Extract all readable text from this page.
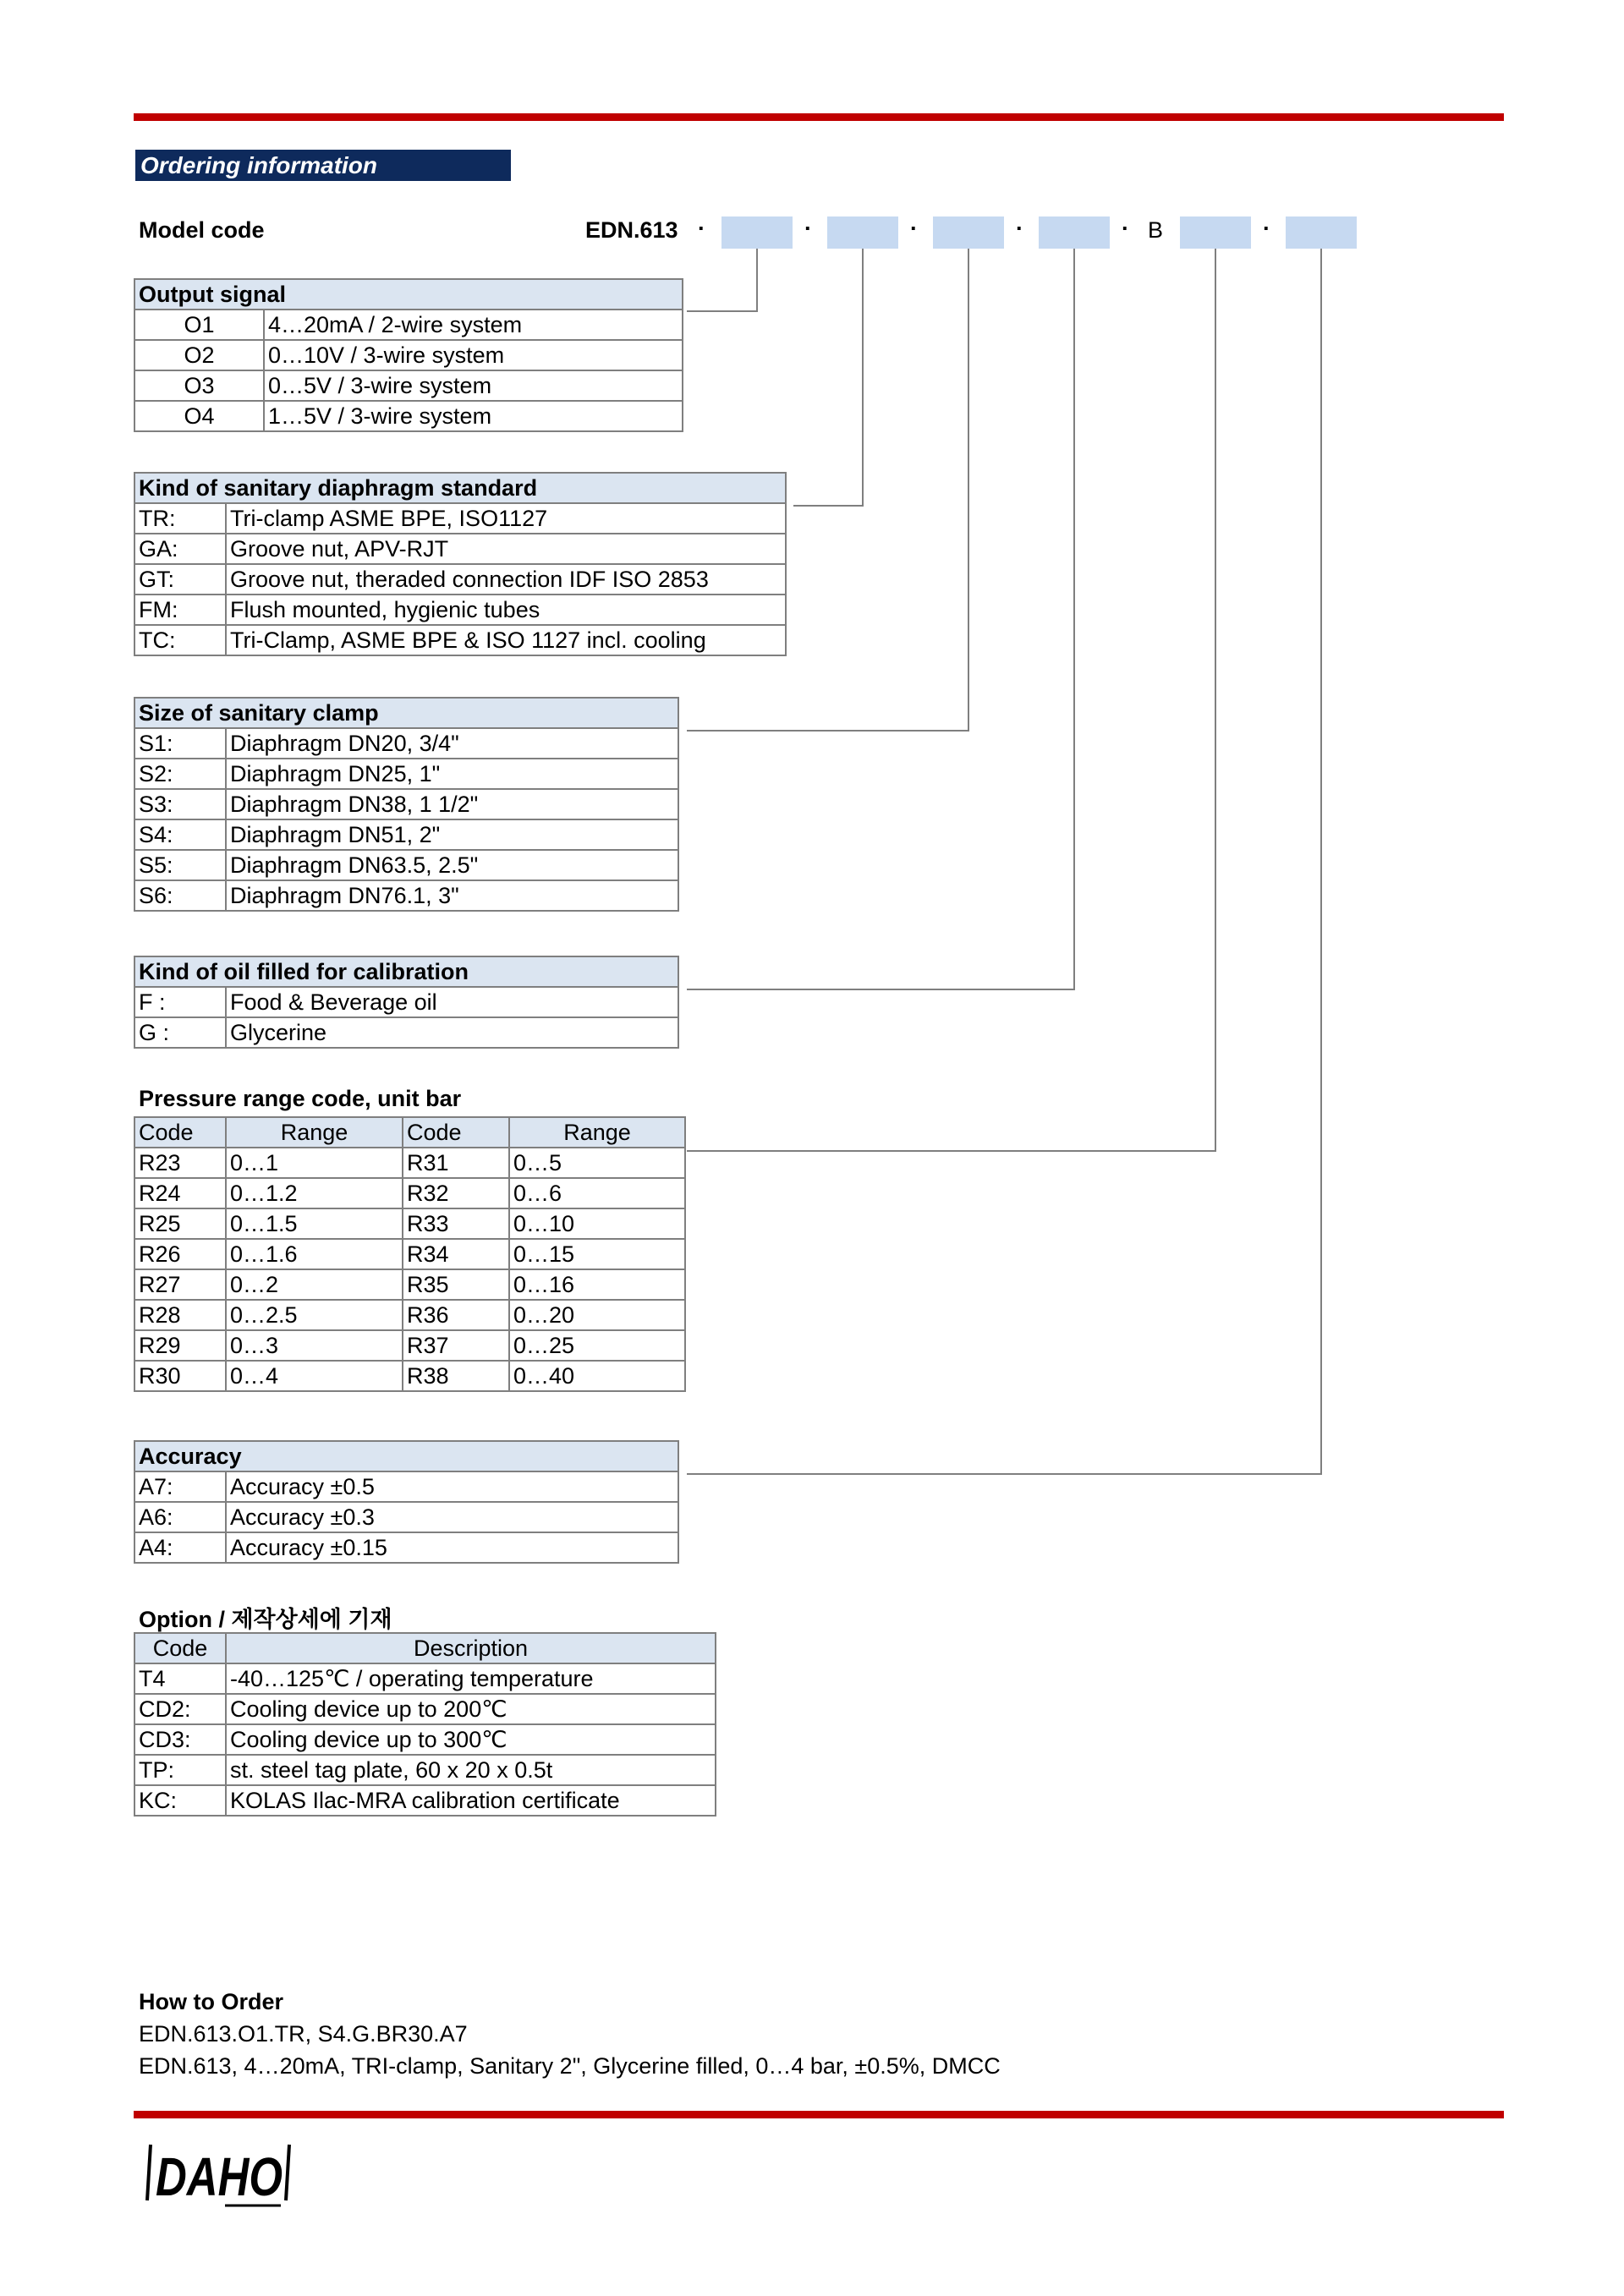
Ordering information
Model code	EDN.613 ·	·	·	·	· B	·
Output signal	
O1	4…20mA / 2-wire system
O2	0…10V / 3-wire system
O3	0…5V / 3-wire system
O4	1…5V / 3-wire system
Kind of sanitary diaphragm standard	
TR:	Tri-clamp ASME BPE, ISO1127
GA:	Groove nut, APV-RJT
GT:	Groove nut, theraded connection IDF ISO 2853
FM:	Flush mounted, hygienic tubes
TC:	Tri-Clamp, ASME BPE & ISO 1127 incl. cooling
Size of sanitary clamp	
S1:	Diaphragm DN20, 3/4"
S2:	Diaphragm DN25, 1"
S3:	Diaphragm DN38, 1 1/2"
S4:	Diaphragm DN51, 2"
S5:	Diaphragm DN63.5, 2.5"
S6:	Diaphragm DN76.1, 3"
Kind of oil filled for calibration	
F :	Food & Beverage oil
G :	Glycerine
Pressure range code, unit bar
Code	Range	Code	Range
R23	0…1	R31	0…5
R24	0…1.2	R32	0…6
R25	0…1.5	R33	0…10
R26	0…1.6	R34	0…15
R27	0…2	R35	0…16
R28	0…2.5	R36	0…20
R29	0…3	R37	0…25
R30	0…4	R38	0…40
Accuracy	
A7:	Accuracy ±0.5
A6:	Accuracy ±0.3
A4:	Accuracy ±0.15
Option / 제작상세에 기재
Code	Description
T4	-40…125℃ / operating temperature
CD2:	Cooling device up to 200℃
CD3:	Cooling device up to 300℃
TP:	st. steel tag plate, 60 x 20 x 0.5t
KC:	KOLAS Ilac-MRA calibration certificate
How to Order
EDN.613.O1.TR, S4.G.BR30.A7
EDN.613, 4…20mA, TRI-clamp, Sanitary 2", Glycerine filled, 0…4 bar, ±0.5%, DMCC
DAHO
